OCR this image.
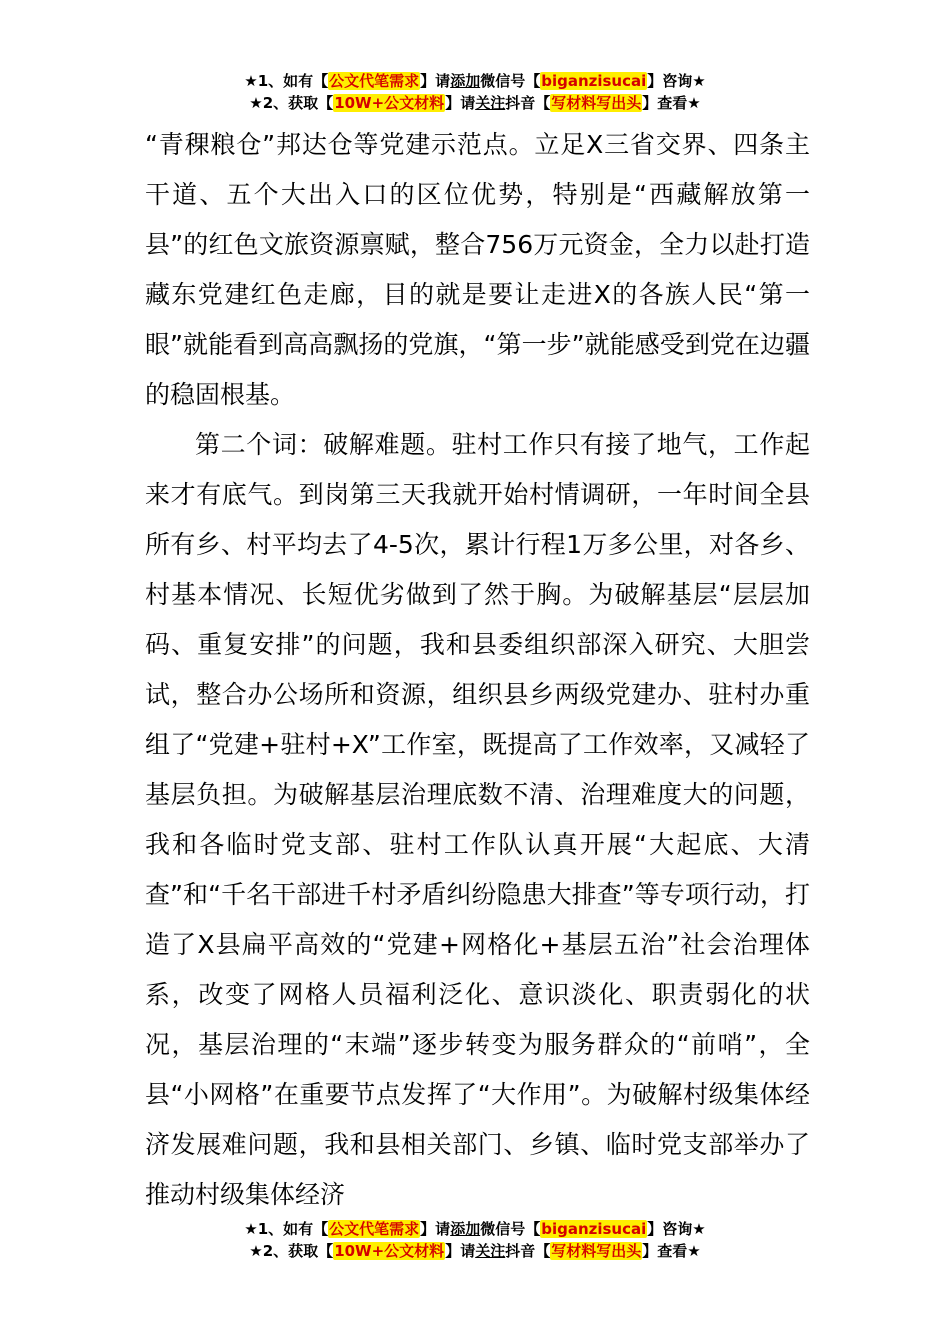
★1、如有【公文代笔需求】请添加微信号【biganzisucai】咨询★
★2、获取【10W+公文材料】请关注抖音【写材料写出头】查看★

“青稞粮仓”邦达仓等党建示范点。立足X三省交界、四条主干道、五个大出入口的区位优势，特别是“西藏解放第一县”的红色文旅资源禀赋，整合756万元资金，全力以赴打造藏东党建红色走廊，目的就是要让走进X的各族人民“第一眼”就能看到高高飘扬的党旗，“第一步”就能感受到党在边疆的稳固根基。

第二个词：破解难题。驻村工作只有接了地气，工作起来才有底气。到岗第三天我就开始村情调研，一年时间全县所有乡、村平均去了4-5次，累计行程1万多公里，对各乡、村基本情况、长短优劣做到了然于胸。为破解基层“层层加码、重复安排”的问题，我和县委组织部深入研究、大胆尝试，整合办公场所和资源，组织县乡两级党建办、驻村办重组了“党建+驻村+X”工作室，既提高了工作效率，又减轻了基层负担。为破解基层治理底数不清、治理难度大的问题，我和各临时党支部、驻村工作队认真开展“大起底、大清查”和“千名干部进千村矛盾纠纷隐患大排查”等专项行动，打造了X县扁平高效的“党建+网格化+基层五治”社会治理体系，改变了网格人员福利泛化、意识淡化、职责弱化的状况，基层治理的“末端”逐步转变为服务群众的“前哨”，全县“小网格”在重要节点发挥了“大作用”。为破解村级集体经济发展难问题，我和县相关部门、乡镇、临时党支部举办了推动村级集体经济

★1、如有【公文代笔需求】请添加微信号【biganzisucai】咨询★
★2、获取【10W+公文材料】请关注抖音【写材料写出头】查看★
